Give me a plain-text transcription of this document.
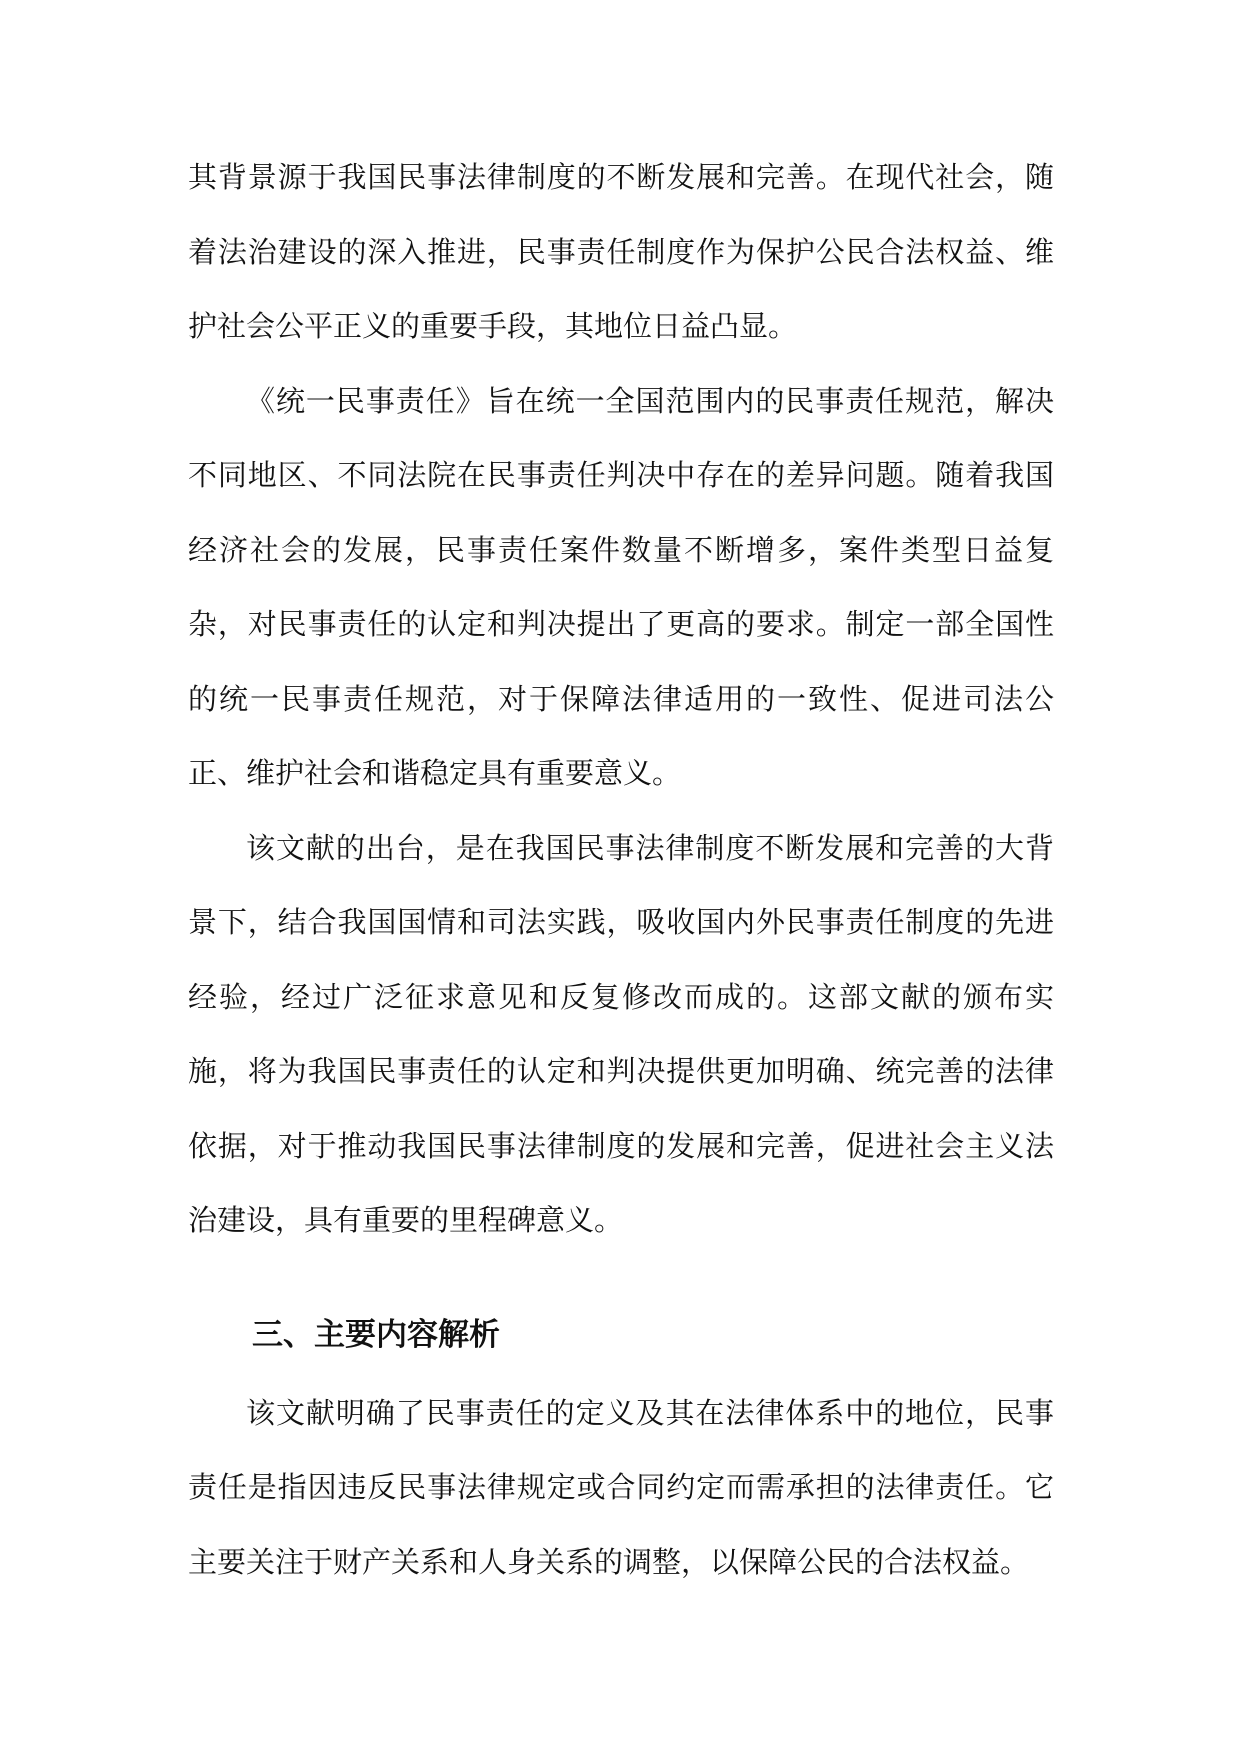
其背景源于我国民事法律制度的不断发展和完善。在现代社会，随着法治建设的深入推进，民事责任制度作为保护公民合法权益、维护社会公平正义的重要手段，其地位日益凸显。

《统一民事责任》旨在统一全国范围内的民事责任规范，解决不同地区、不同法院在民事责任判决中存在的差异问题。随着我国经济社会的发展，民事责任案件数量不断增多，案件类型日益复杂，对民事责任的认定和判决提出了更高的要求。制定一部全国性的统一民事责任规范，对于保障法律适用的一致性、促进司法公正、维护社会和谐稳定具有重要意义。

该文献的出台，是在我国民事法律制度不断发展和完善的大背景下，结合我国国情和司法实践，吸收国内外民事责任制度的先进经验，经过广泛征求意见和反复修改而成的。这部文献的颁布实施，将为我国民事责任的认定和判决提供更加明确、统完善的法律依据，对于推动我国民事法律制度的发展和完善，促进社会主义法治建设，具有重要的里程碑意义。

三、主要内容解析

该文献明确了民事责任的定义及其在法律体系中的地位，民事责任是指因违反民事法律规定或合同约定而需承担的法律责任。它主要关注于财产关系和人身关系的调整，以保障公民的合法权益。
